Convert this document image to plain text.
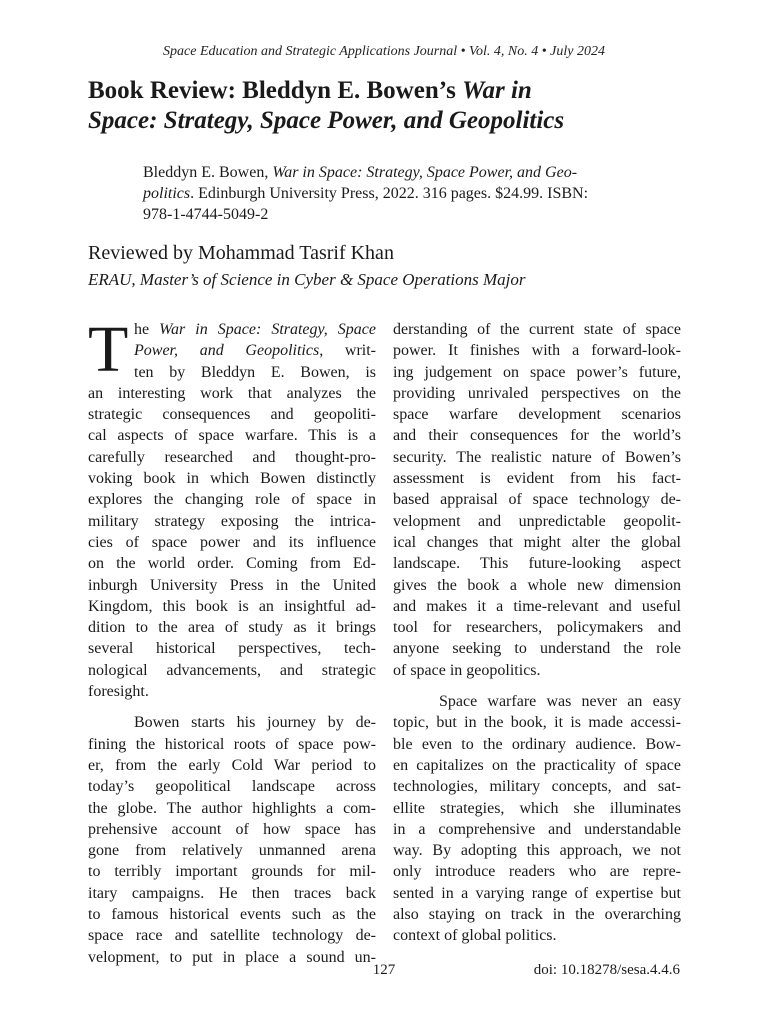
Space Education and Strategic Applications Journal • Vol. 4, No. 4 • July 2024
Book Review: Bleddyn E. Bowen’s War in
Space: Strategy, Space Power, and Geopolitics
Bleddyn E. Bowen, War in Space: Strategy, Space Power, and Geo-
politics. Edinburgh University Press, 2022. 316 pages. $24.99. ISBN:
978-1-4744-5049-2
Reviewed by Mohammad Tasrif Khan
ERAU, Master’s of Science in Cyber & Space Operations Major
T he War in Space: Strategy, Space
Power, and Geopolitics, writ-
ten by Bleddyn E. Bowen, is
an interesting work that analyzes the
strategic consequences and geopoliti-
cal aspects of space warfare. This is a
carefully researched and thought-pro-
voking book in which Bowen distinctly
explores the changing role of space in
military strategy exposing the intrica-
cies of space power and its influence
on the world order. Coming from Ed-
inburgh University Press in the United
Kingdom, this book is an insightful ad-
dition to the area of study as it brings
several historical perspectives, tech-
nological advancements, and strategic
foresight.
Bowen starts his journey by de-
fining the historical roots of space pow-
er, from the early Cold War period to
today’s geopolitical landscape across
the globe. The author highlights a com-
prehensive account of how space has
gone from relatively unmanned arena
to terribly important grounds for mil-
itary campaigns. He then traces back
to famous historical events such as the
space race and satellite technology de-
velopment, to put in place a sound un-
derstanding of the current state of space
power. It finishes with a forward-look-
ing judgement on space power’s future,
providing unrivaled perspectives on the
space warfare development scenarios
and their consequences for the world’s
security. The realistic nature of Bowen’s
assessment is evident from his fact-
based appraisal of space technology de-
velopment and unpredictable geopolit-
ical changes that might alter the global
landscape. This future-looking aspect
gives the book a whole new dimension
and makes it a time-relevant and useful
tool for researchers, policymakers and
anyone seeking to understand the role
of space in geopolitics.
Space warfare was never an easy
topic, but in the book, it is made accessi-
ble even to the ordinary audience. Bow-
en capitalizes on the practicality of space
technologies, military concepts, and sat-
ellite strategies, which she illuminates
in a comprehensive and understandable
way. By adopting this approach, we not
only introduce readers who are repre-
sented in a varying range of expertise but
also staying on track in the overarching
context of global politics.
127	doi: 10.18278/sesa.4.4.6
